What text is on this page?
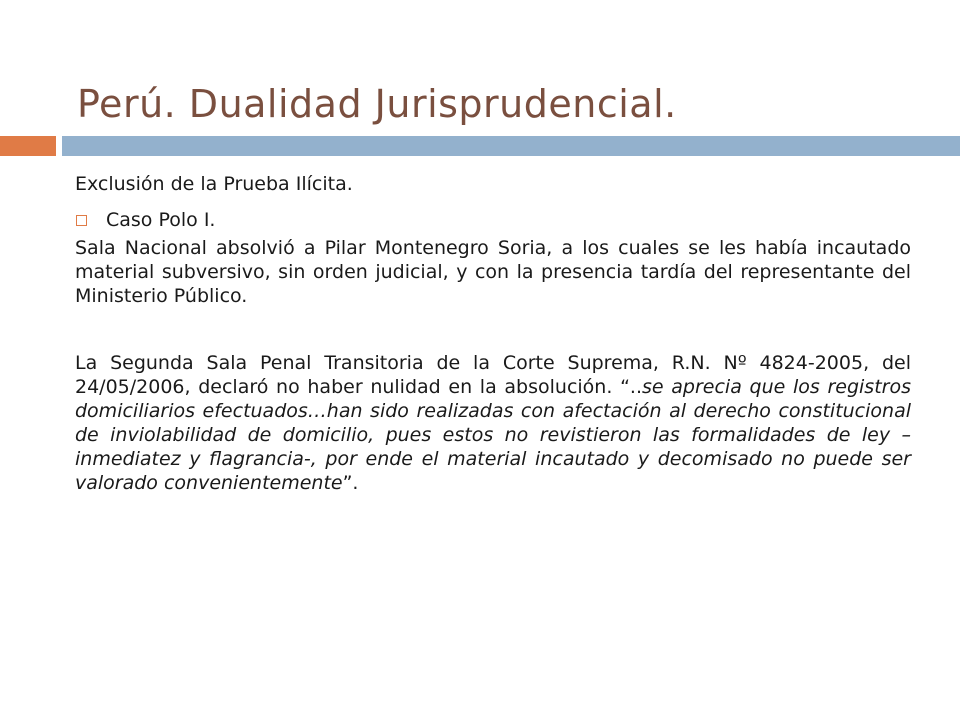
Perú. Dualidad Jurisprudencial.

Exclusión de la Prueba Ilícita.

Caso Polo I.

Sala Nacional absolvió a Pilar Montenegro Soria, a los cuales se les había incautado material subversivo, sin orden judicial, y con la presencia tardía del representante del Ministerio Público.

La Segunda Sala Penal Transitoria de la Corte Suprema, R.N. Nº 4824-2005, del 24/05/2006, declaró no haber nulidad en la absolución. “..se aprecia que los registros domiciliarios efectuados…han sido realizadas con afectación al derecho constitucional de inviolabilidad de domicilio, pues estos no revistieron las formalidades de ley – inmediatez y flagrancia-, por ende el material incautado y decomisado no puede ser valorado convenientemente”.
